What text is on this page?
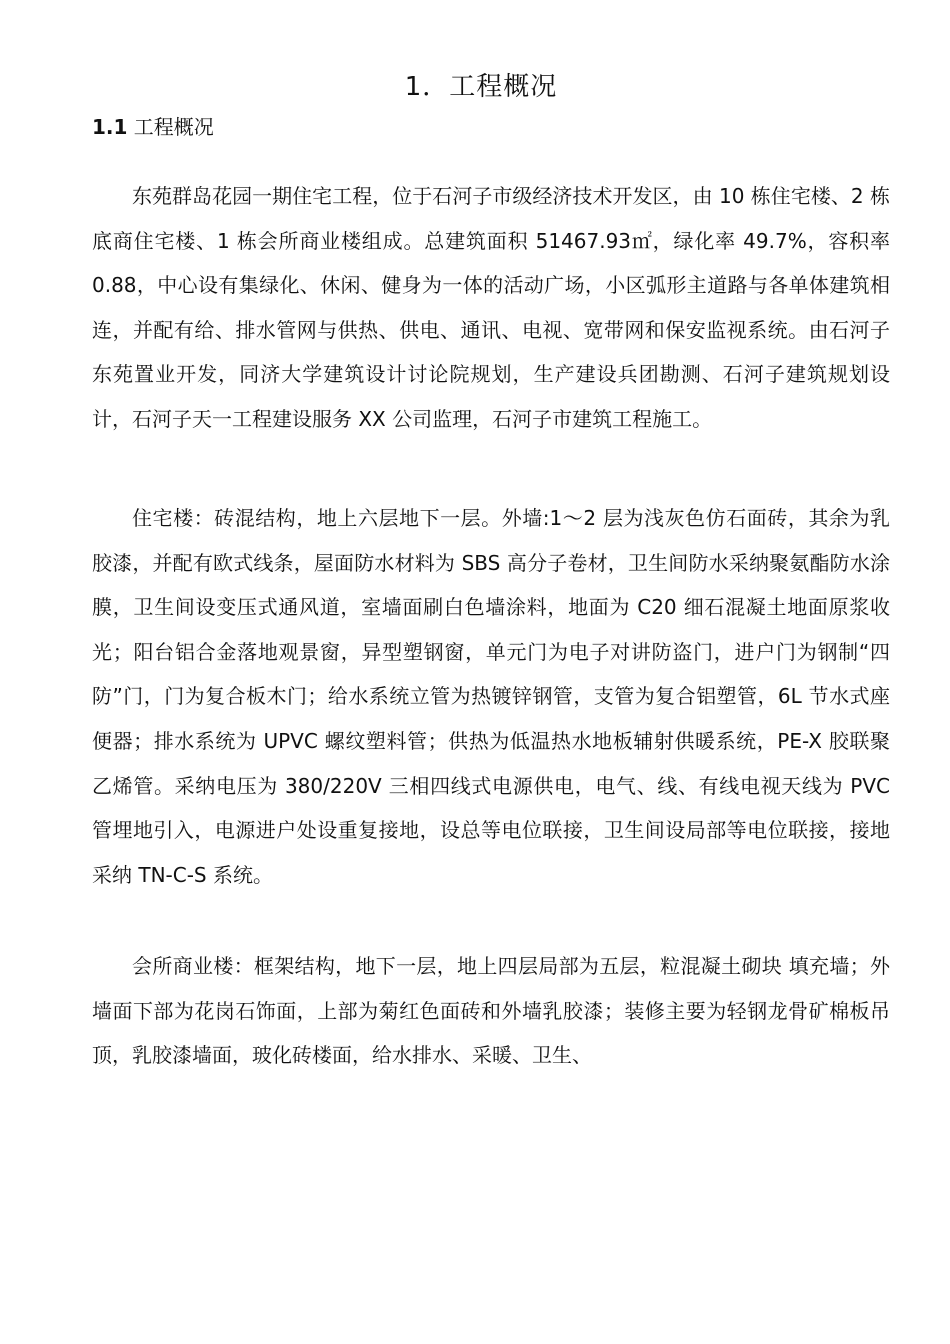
1．工程概况
1.1 工程概况

东苑群岛花园一期住宅工程，位于石河子市级经济技术开发区，由 10 栋住宅楼、2 栋底商住宅楼、1 栋会所商业楼组成。总建筑面积 51467.93㎡，绿化率 49.7%，容积率 0.88，中心设有集绿化、休闲、健身为一体的活动广场，小区弧形主道路与各单体建筑相连，并配有给、排水管网与供热、供电、通讯、电视、宽带网和保安监视系统。由石河子东苑置业开发，同济大学建筑设计讨论院规划，生产建设兵团勘测、石河子建筑规划设计，石河子天一工程建设服务 XX 公司监理，石河子市建筑工程施工。

住宅楼：砖混结构，地上六层地下一层。外墙:1～2 层为浅灰色仿石面砖，其余为乳胶漆，并配有欧式线条，屋面防水材料为 SBS 高分子卷材，卫生间防水采纳聚氨酯防水涂膜，卫生间设变压式通风道，室墙面刷白色墙涂料，地面为 C20 细石混凝土地面原浆收光；阳台铝合金落地观景窗，异型塑钢窗，单元门为电子对讲防盗门，进户门为钢制“四防”门，门为复合板木门；给水系统立管为热镀锌钢管，支管为复合铝塑管，6L 节水式座便器；排水系统为 UPVC 螺纹塑料管；供热为低温热水地板辅射供暖系统，PE-X 胶联聚乙烯管。采纳电压为 380/220V 三相四线式电源供电，电气、线、有线电视天线为 PVC 管埋地引入，电源进户处设重复接地，设总等电位联接，卫生间设局部等电位联接，接地采纳 TN-C-S 系统。

会所商业楼：框架结构，地下一层，地上四层局部为五层，粒混凝土砌块 填充墙；外墙面下部为花岗石饰面，上部为菊红色面砖和外墙乳胶漆；装修主要为轻钢龙骨矿棉板吊顶，乳胶漆墙面，玻化砖楼面，给水排水、采暖、卫生、
